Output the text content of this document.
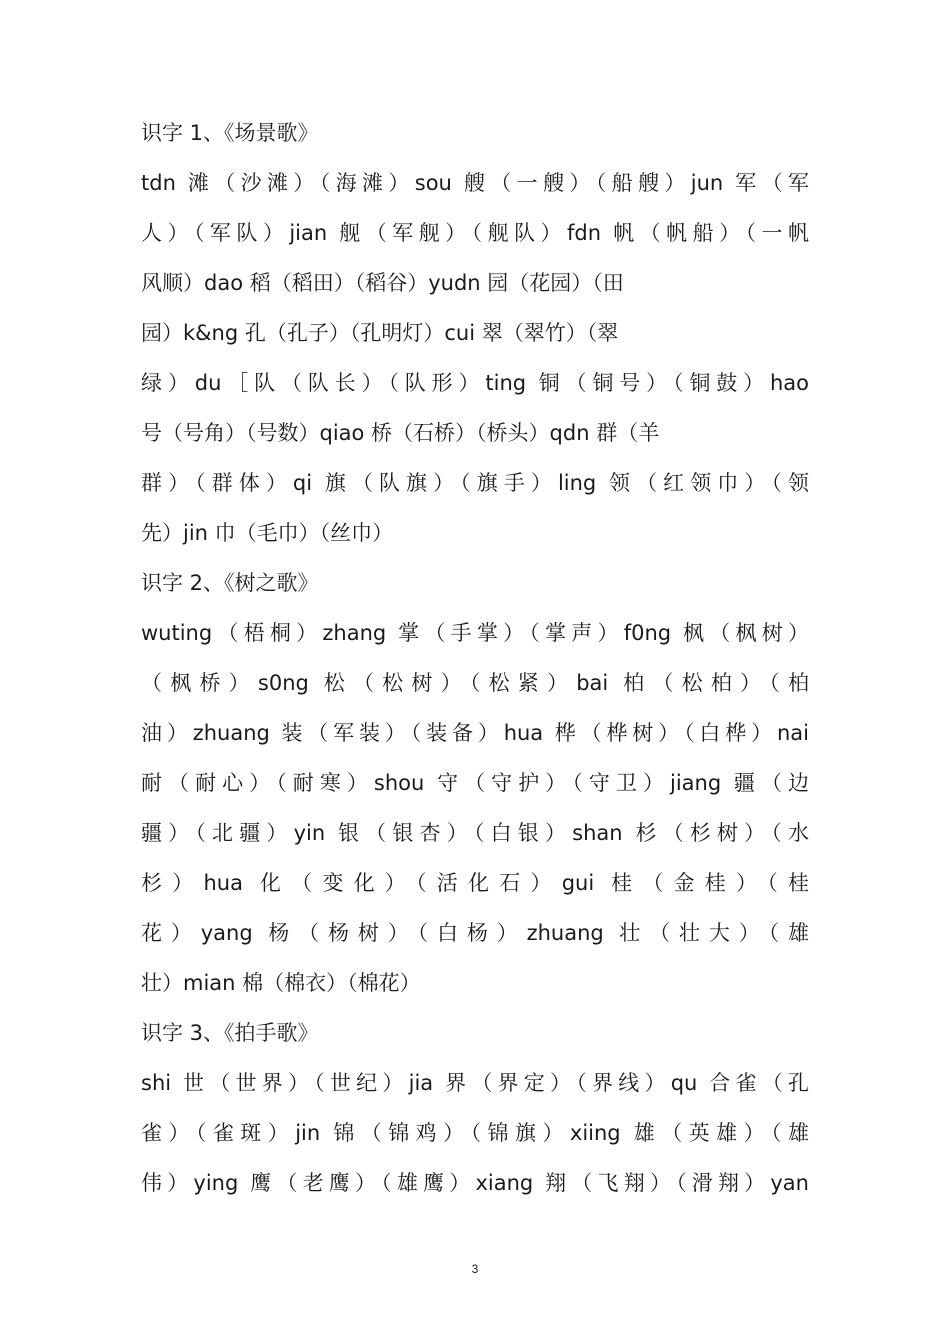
识字 1、《场景歌》
tdn 滩（沙滩）（海滩）sou 艘（一艘）（船艘）jun 军（军
人）（军队）jian 舰（军舰）（舰队）fdn 帆（帆船）（一帆
风顺）dao 稻（稻田）（稻谷）yudn 园（花园）（田
园）k&ng 孔（孔子）（孔明灯）cui 翠（翠竹）（翠
绿）du［队（队长）（队形）ting 铜（铜号）（铜鼓）hao
号（号角）（号数）qiao 桥（石桥）（桥头）qdn 群（羊
群）（群体）qi 旗（队旗）（旗手）ling 领（红领巾）（领
先）jin 巾（毛巾）（丝巾）
识字 2、《树之歌》
wuting（梧桐）zhang 掌（手掌）（掌声）f0ng 枫（枫树）
（枫桥）s0ng 松（松树）（松紧）bai 柏（松柏）（柏
油）zhuang 装（军装）（装备）hua 桦（桦树）（白桦）nai
耐（耐心）（耐寒）shou 守（守护）（守卫）jiang 疆（边
疆）（北疆）yin 银（银杏）（白银）shan 杉（杉树）（水
杉）hua 化（变化）（活化石）gui 桂（金桂）（桂
花）yang 杨（杨树）（白杨）zhuang 壮（壮大）（雄
壮）mian 棉（棉衣）（棉花）
识字 3、《拍手歌》
shi 世（世界）（世纪）jia 界（界定）（界线）qu 合雀（孔
雀）（雀斑）jin 锦（锦鸡）（锦旗）xiing 雄（英雄）（雄
伟）ying 鹰（老鹰）（雄鹰）xiang 翔（飞翔）（滑翔）yan
3
